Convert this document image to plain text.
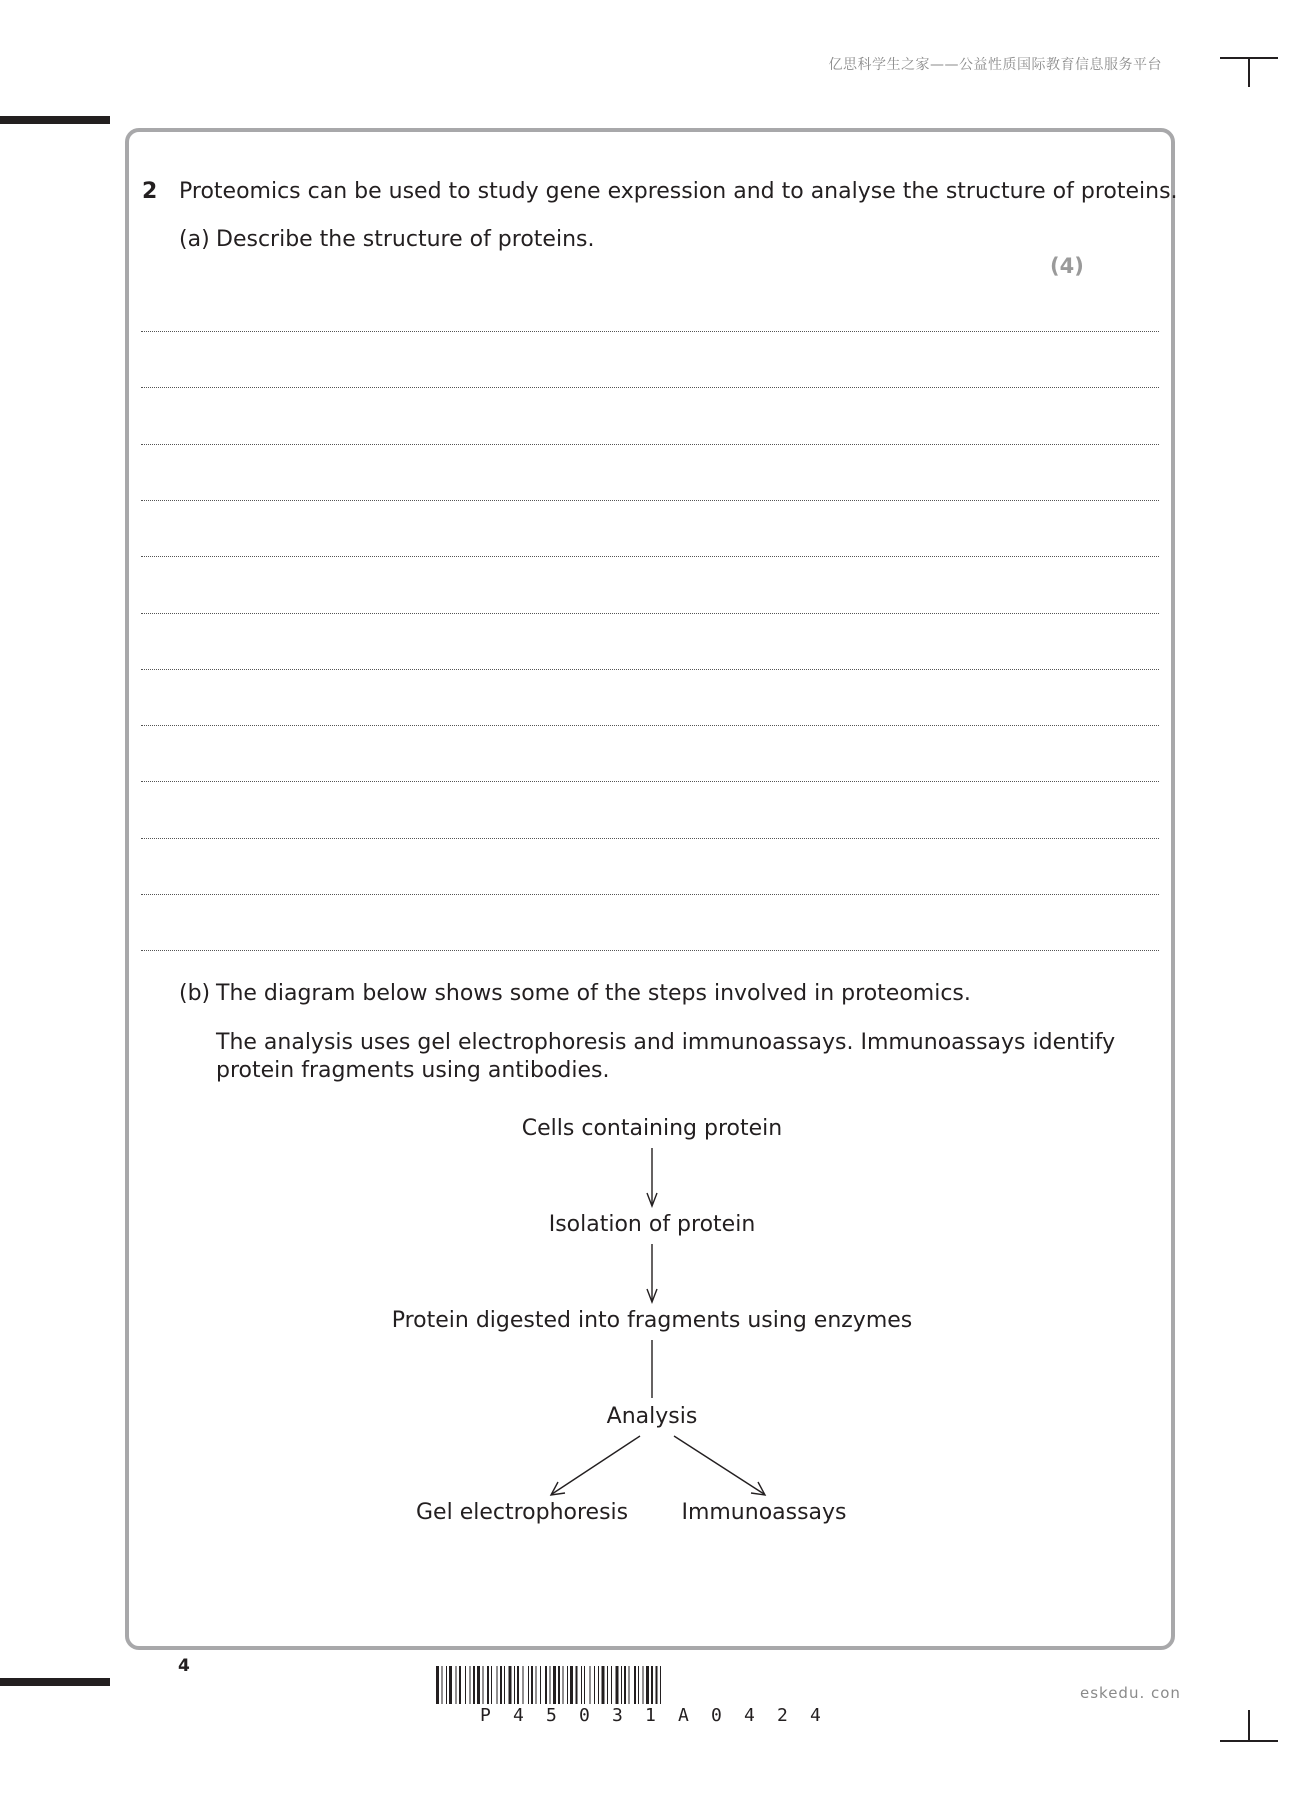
亿思科学生之家——公益性质国际教育信息服务平台
2 Proteomics can be used to study gene expression and to analyse the structure of proteins.
(a) Describe the structure of proteins.
(4)
(b) The diagram below shows some of the steps involved in proteomics.
The analysis uses gel electrophoresis and immunoassays. Immunoassays identify
protein fragments using antibodies.
Cells containing protein
Isolation of protein
Protein digested into fragments using enzymes
Analysis
Gel electrophoresis	Immunoassays
4
P 4 5 0 3 1 A 0 4 2 4
eskedu. con
